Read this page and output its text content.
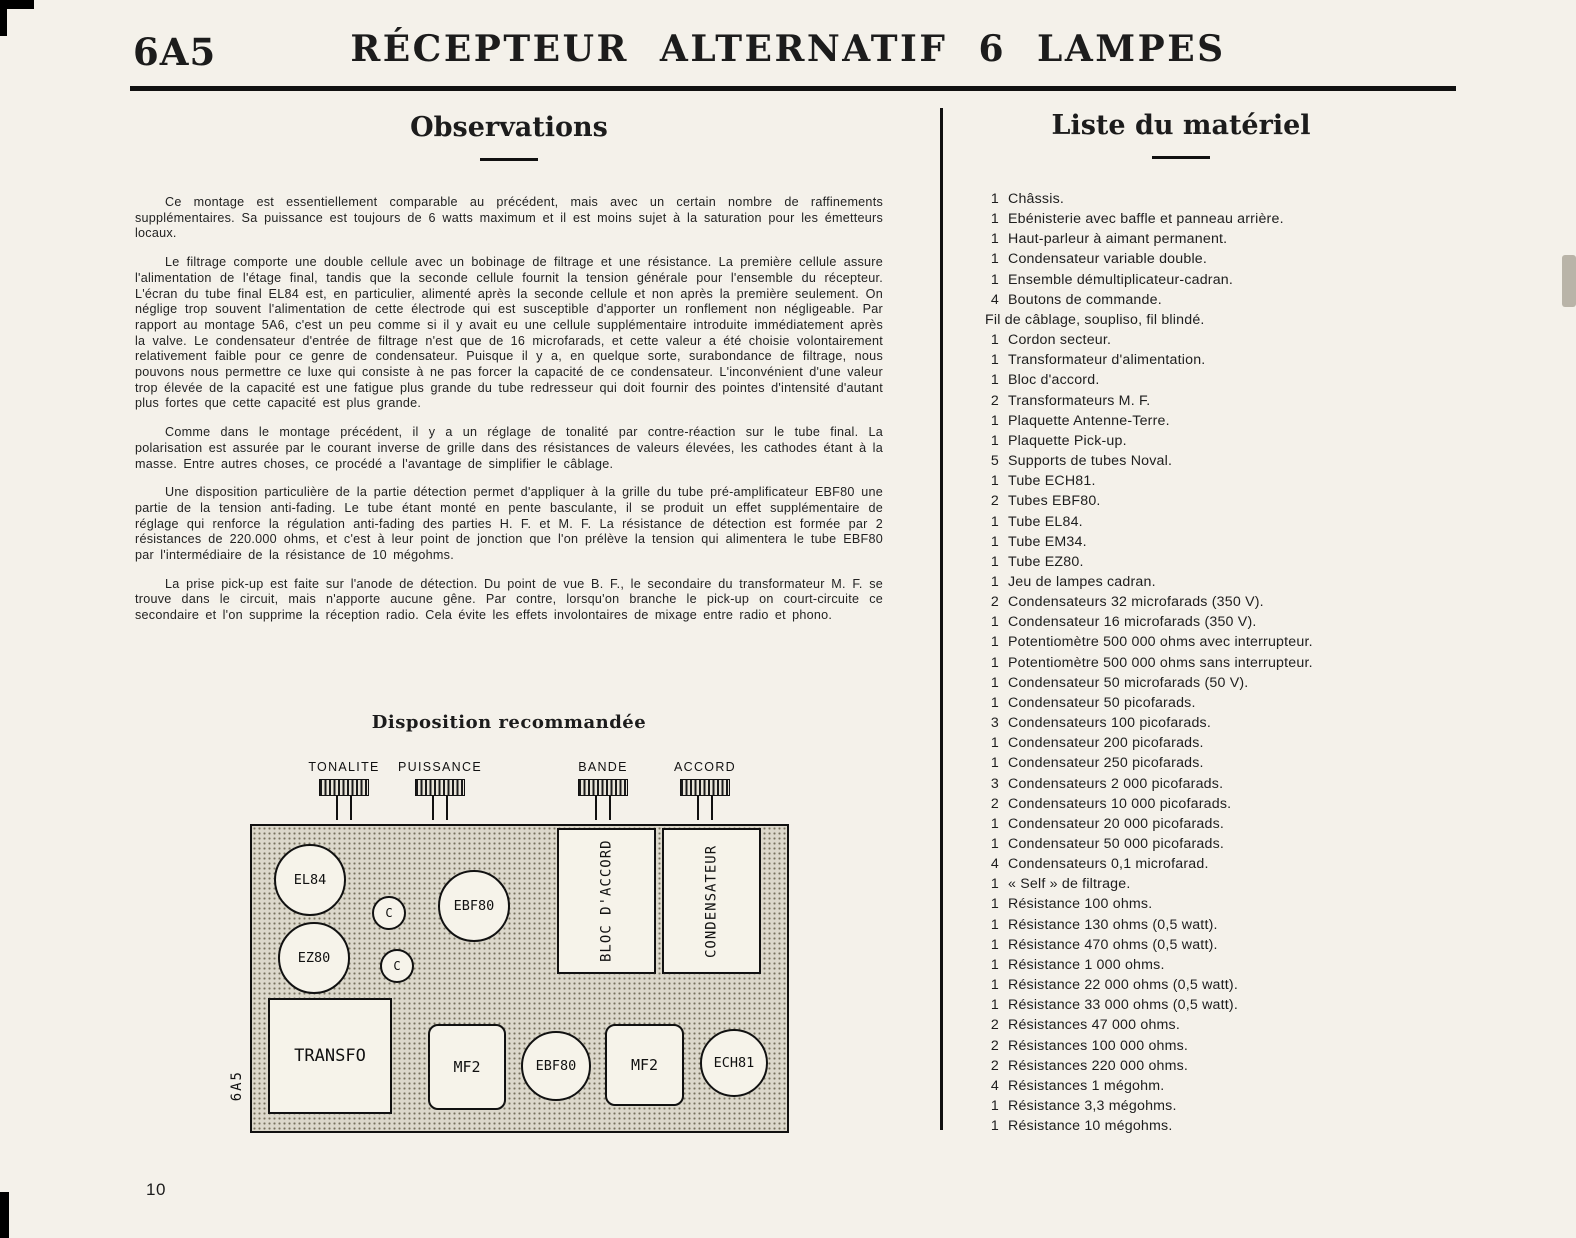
6A5	RÉCEPTEUR ALTERNATIF 6 LAMPES
Observations

Ce montage est essentiellement comparable au précédent, mais avec un certain nombre de raffinements supplémentaires. Sa puissance est toujours de 6 watts maximum et il est moins sujet à la saturation pour les émetteurs locaux.

Le filtrage comporte une double cellule avec un bobinage de filtrage et une résistance. La première cellule assure l'alimentation de l'étage final, tandis que la seconde cellule fournit la tension générale pour l'ensemble du récepteur. L'écran du tube final EL84 est, en particulier, alimenté après la seconde cellule et non après la première seulement. On néglige trop souvent l'alimentation de cette électrode qui est susceptible d'apporter un ronflement non négligeable. Par rapport au montage 5A6, c'est un peu comme si il y avait eu une cellule supplémentaire introduite immédiatement après la valve. Le condensateur d'entrée de filtrage n'est que de 16 microfarads, et cette valeur a été choisie volontairement relativement faible pour ce genre de condensateur. Puisque il y a, en quelque sorte, surabondance de filtrage, nous pouvons nous permettre ce luxe qui consiste à ne pas forcer la capacité de ce condensateur. L'inconvénient d'une valeur trop élevée de la capacité est une fatigue plus grande du tube redresseur qui doit fournir des pointes d'intensité d'autant plus fortes que cette capacité est plus grande.

Comme dans le montage précédent, il y a un réglage de tonalité par contre-réaction sur le tube final. La polarisation est assurée par le courant inverse de grille dans des résistances de valeurs élevées, les cathodes étant à la masse. Entre autres choses, ce procédé a l'avantage de simplifier le câblage.

Une disposition particulière de la partie détection permet d'appliquer à la grille du tube pré-amplificateur EBF80 une partie de la tension anti-fading. Le tube étant monté en pente basculante, il se produit un effet supplémentaire de réglage qui renforce la régulation anti-fading des parties H. F. et M. F. La résistance de détection est formée par 2 résistances de 220.000 ohms, et c'est à leur point de jonction que l'on prélève la tension qui alimentera le tube EBF80 par l'intermédiaire de la résistance de 10 mégohms.

La prise pick-up est faite sur l'anode de détection. Du point de vue B. F., le secondaire du transformateur M. F. se trouve dans le circuit, mais n'apporte aucune gêne. Par contre, lorsqu'on branche le pick-up on court-circuite ce secondaire et l'on supprime la réception radio. Cela évite les effets involontaires de mixage entre radio et phono.

Disposition recommandée
TONALITE PUISSANCE	BANDE	ACCORD
EL84
C	EBF80
EZ80	C
BLOC D'ACCORD	CONDENSATEUR
TRANSFO
MF2	EBF80	MF2	ECH81
6A5
Liste du matériel
1 Châssis.
1 Ebénisterie avec baffle et panneau arrière.
1 Haut-parleur à aimant permanent.
1 Condensateur variable double.
1 Ensemble démultiplicateur-cadran.
4 Boutons de commande.
Fil de câblage, soupliso, fil blindé.
1 Cordon secteur.
1 Transformateur d'alimentation.
1 Bloc d'accord.
2 Transformateurs M. F.
1 Plaquette Antenne-Terre.
1 Plaquette Pick-up.
5 Supports de tubes Noval.
1 Tube ECH81.
2 Tubes EBF80.
1 Tube EL84.
1 Tube EM34.
1 Tube EZ80.
1 Jeu de lampes cadran.
2 Condensateurs 32 microfarads (350 V).
1 Condensateur 16 microfarads (350 V).
1 Potentiomètre 500 000 ohms avec interrupteur.
1 Potentiomètre 500 000 ohms sans interrupteur.
1 Condensateur 50 microfarads (50 V).
1 Condensateur 50 picofarads.
3 Condensateurs 100 picofarads.
1 Condensateur 200 picofarads.
1 Condensateur 250 picofarads.
3 Condensateurs 2 000 picofarads.
2 Condensateurs 10 000 picofarads.
1 Condensateur 20 000 picofarads.
1 Condensateur 50 000 picofarads.
4 Condensateurs 0,1 microfarad.
1 « Self » de filtrage.
1 Résistance 100 ohms.
1 Résistance 130 ohms (0,5 watt).
1 Résistance 470 ohms (0,5 watt).
1 Résistance 1 000 ohms.
1 Résistance 22 000 ohms (0,5 watt).
1 Résistance 33 000 ohms (0,5 watt).
2 Résistances 47 000 ohms.
2 Résistances 100 000 ohms.
2 Résistances 220 000 ohms.
4 Résistances 1 mégohm.
1 Résistance 3,3 mégohms.
1 Résistance 10 mégohms.
10
